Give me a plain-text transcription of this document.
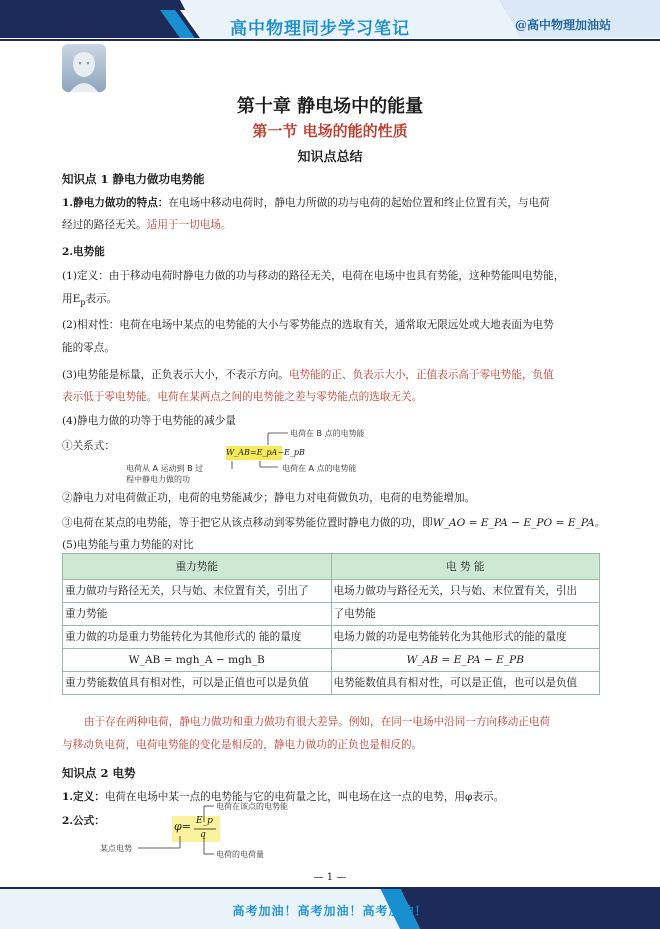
高中物理同步学习笔记	@高中物理加油站
第十章 静电场中的能量
第一节 电场的能的性质
知识点总结
知识点 1 静电力做功电势能
1.静电力做功的特点：在电场中移动电荷时，静电力所做的功与电荷的起始位置和终止位置有关，与电荷
经过的路径无关。适用于一切电场。
2.电势能
(1)定义：由于移动电荷时静电力做的功与移动的路径无关，电荷在电场中也具有势能，这种势能叫电势能，
用$E_p$表示。
(2)相对性：电荷在电场中某点的电势能的大小与零势能点的选取有关，通常取无限远处或大地表面为电势
能的零点。
(3)电势能是标量，正负表示大小，不表示方向。电势能的正、负表示大小，正值表示高于零电势能，负值
表示低于零电势能。电荷在某两点之间的电势能之差与零势能点的选取无关。
(4)静电力做的功等于电势能的减少量
①关系式：
电荷在 B 点的电势能
W_AB=E_pA−E_pB
电荷从 A 运动到 B 过
程中静电力做的功
电荷在 A 点的电势能
②静电力对电荷做正功，电荷的电势能减少；静电力对电荷做负功，电荷的电势能增加。
③电荷在某点的电势能，等于把它从该点移动到零势能位置时静电力做的功，即W_AO = E_PA − E_PO = E_PA。
(5)电势能与重力势能的对比
重力势能	电 势 能
重力做功与路径无关，只与始、末位置有关，引出了	电场力做功与路径无关，只与始、末位置有关，引出
重力势能	了电势能
重力做的功是重力势能转化为其他形式的 能的量度	电场力做的功是电势能转化为其他形式的能的量度
W_AB = mgh_A − mgh_B	W_AB = E_PA − E_PB
重力势能数值具有相对性，可以是正值也可以是负值	电势能数值具有相对性，可以是正值，也可以是负值
由于存在两种电荷，静电力做功和重力做功有很大差异。例如，在同一电场中沿同一方向移动正电荷
与移动负电荷，电荷电势能的变化是相反的，静电力做功的正负也是相反的。
知识点 2 电势
1.定义：电荷在电场中某一点的电势能与它的电荷量之比，叫电场在这一点的电势，用φ表示。
2.公式：
电荷在该点的电势能
φ= E_p
q
某点电势
电荷的电荷量
— 1 —
高考加油！高考加油！高考加油！
